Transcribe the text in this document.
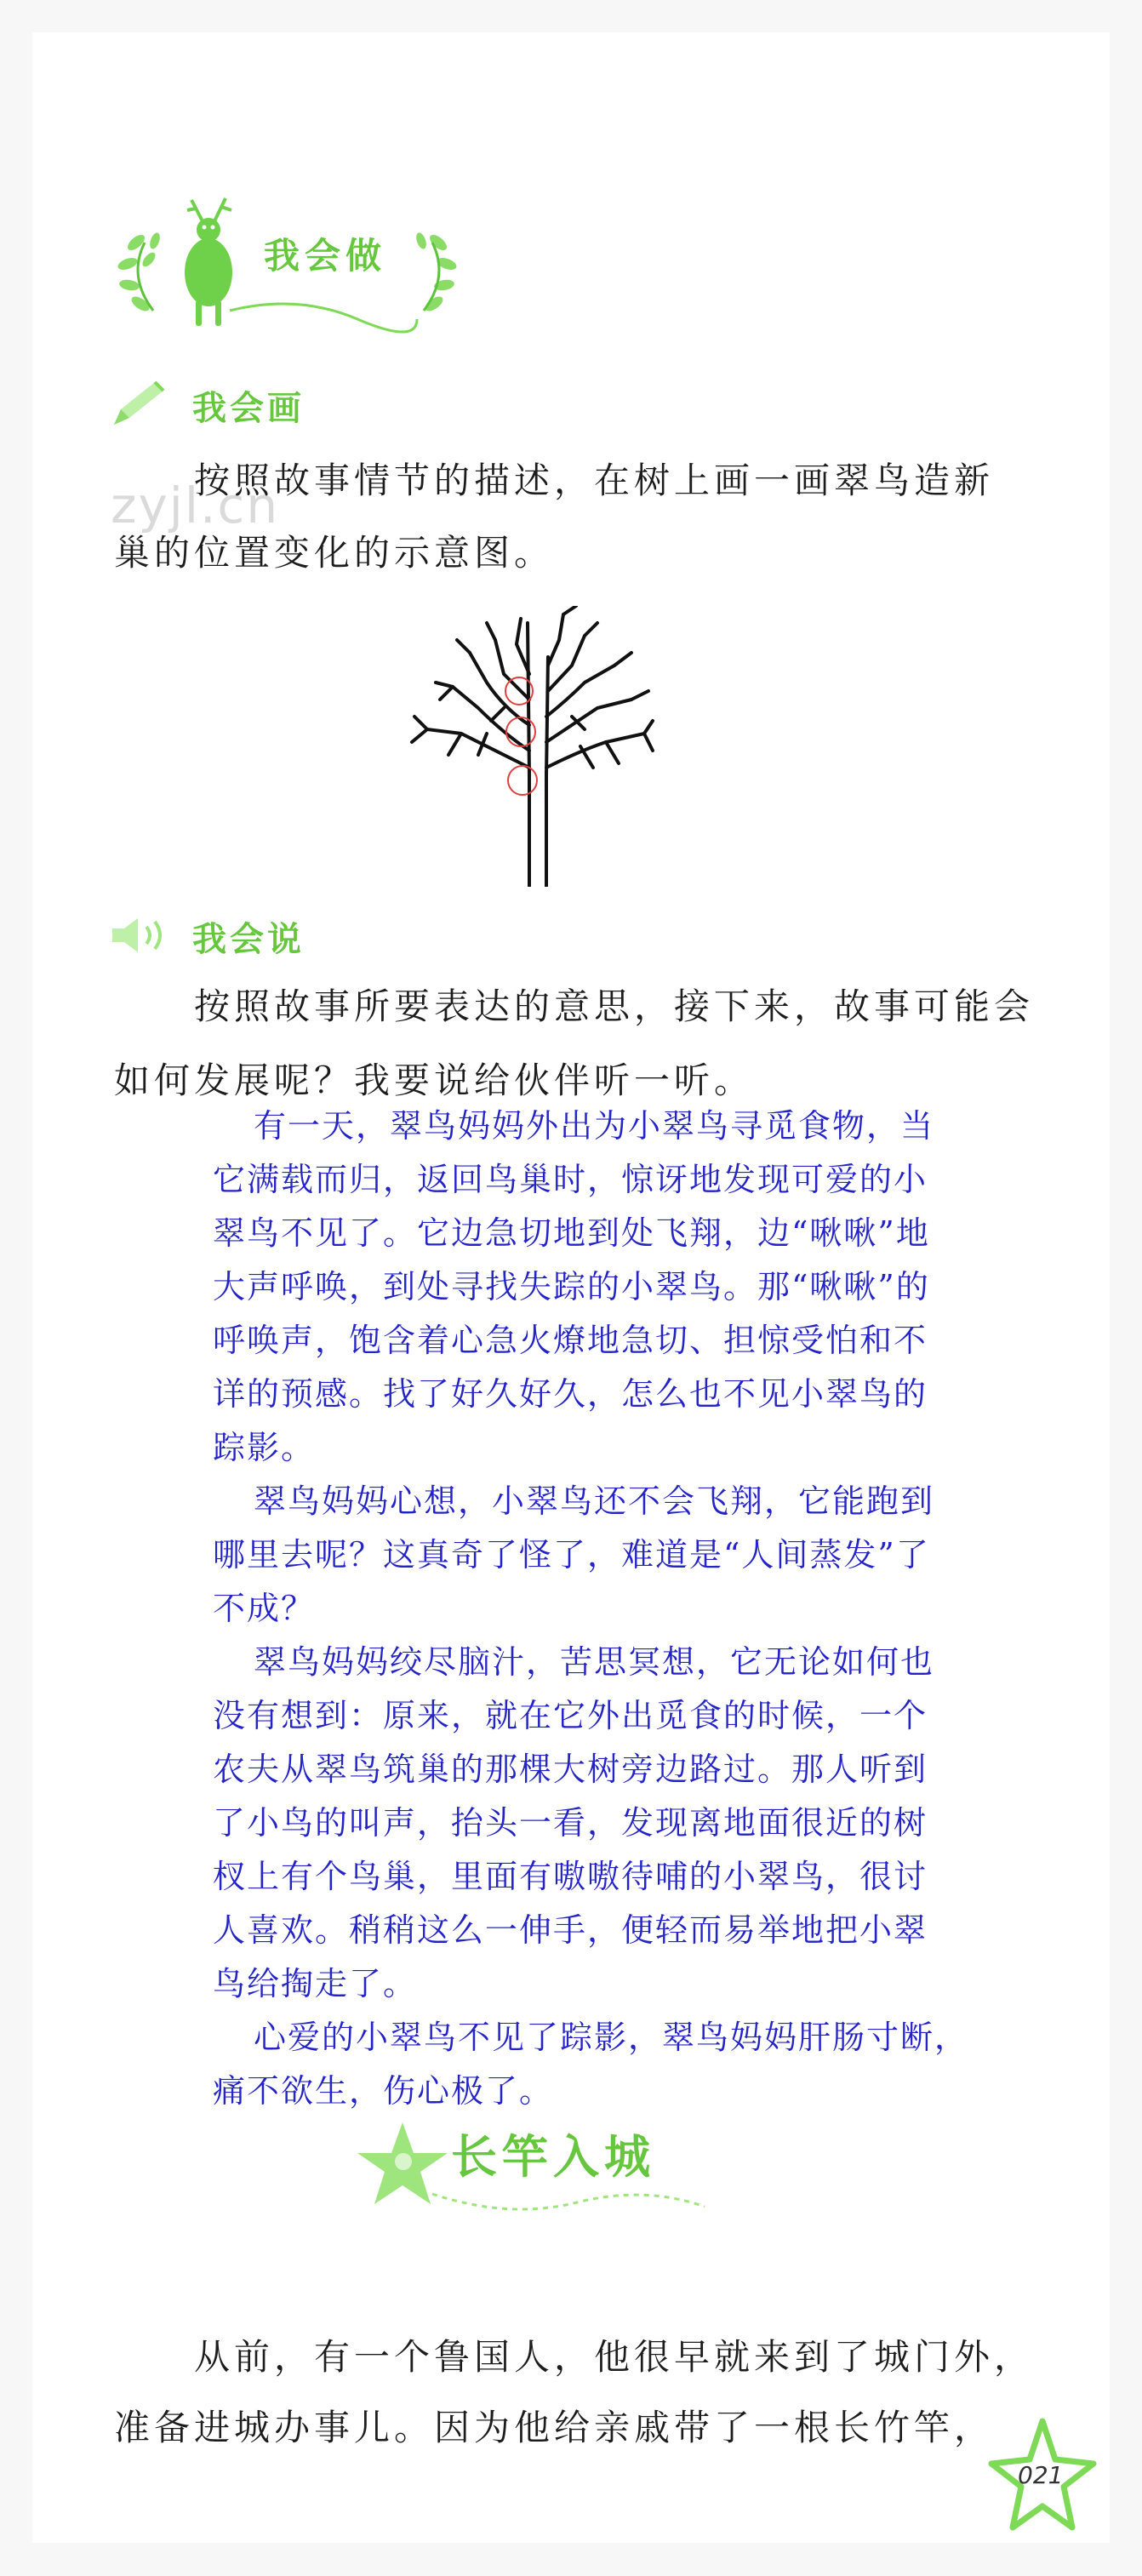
我会做
我会画
按照故事情节的描述，在树上画一画翠鸟造新
巢的位置变化的示意图。
zyjl.cn
我会说
按照故事所要表达的意思，接下来，故事可能会
如何发展呢？我要说给伙伴听一听。
有一天，翠鸟妈妈外出为小翠鸟寻觅食物，当
它满载而归，返回鸟巢时，惊讶地发现可爱的小
翠鸟不见了。它边急切地到处飞翔，边“啾啾”地
大声呼唤，到处寻找失踪的小翠鸟。那“啾啾”的
呼唤声，饱含着心急火燎地急切、担惊受怕和不
详的预感。找了好久好久，怎么也不见小翠鸟的
踪影。
翠鸟妈妈心想，小翠鸟还不会飞翔，它能跑到
哪里去呢？这真奇了怪了，难道是“人间蒸发”了
不成？
翠鸟妈妈绞尽脑汁，苦思冥想，它无论如何也
没有想到：原来，就在它外出觅食的时候，一个
农夫从翠鸟筑巢的那棵大树旁边路过。那人听到
了小鸟的叫声，抬头一看，发现离地面很近的树
杈上有个鸟巢，里面有嗷嗷待哺的小翠鸟，很讨
人喜欢。稍稍这么一伸手，便轻而易举地把小翠
鸟给掏走了。
心爱的小翠鸟不见了踪影，翠鸟妈妈肝肠寸断，
痛不欲生，伤心极了。
长竿入城
从前，有一个鲁国人，他很早就来到了城门外，
准备进城办事儿。因为他给亲戚带了一根长竹竿，
021
